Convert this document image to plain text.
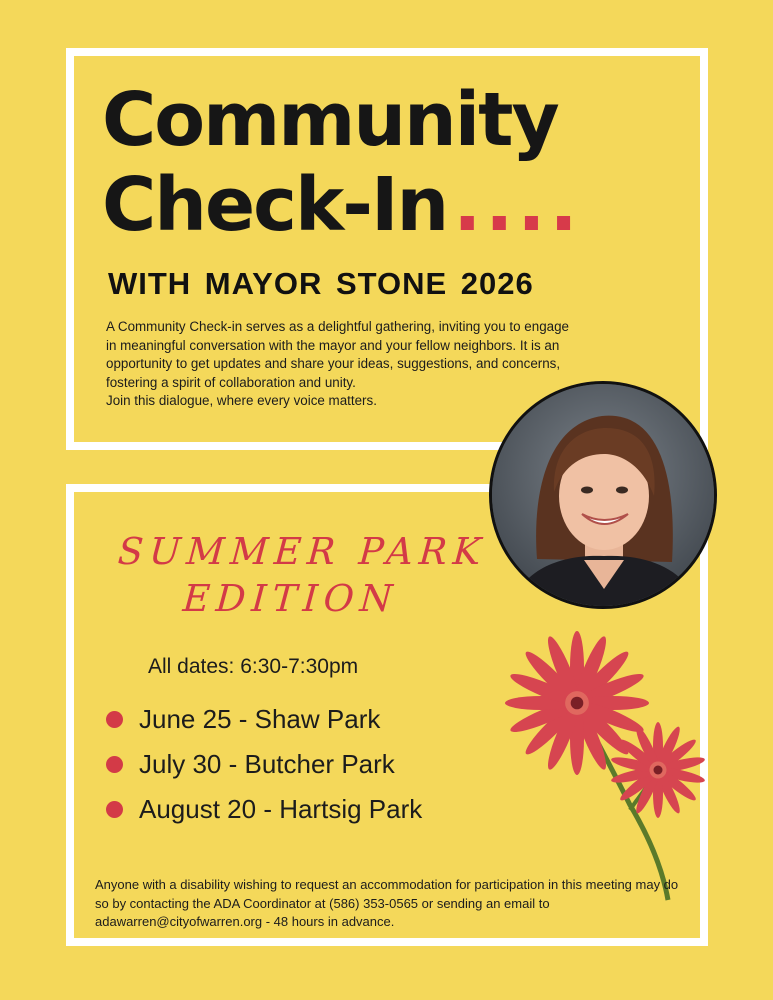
Community
Check-In....
WITH MAYOR STONE 2026

A Community Check-in serves as a delightful gathering, inviting you to engage

in meaningful conversation with the mayor and your fellow neighbors. It is an

opportunity to get updates and share your ideas, suggestions, and concerns,

fostering a spirit of collaboration and unity.

Join this dialogue, where every voice matters.

SUMMER PARK
EDITION

All dates: 6:30-7:30pm

June 25 - Shaw Park
July 30 - Butcher Park
August 20 - Hartsig Park

Anyone with a disability wishing to request an accommodation for participation in this meeting may do so by contacting the ADA Coordinator at (586) 353-0565 or sending an email to adawarren@cityofwarren.org - 48 hours in advance.
